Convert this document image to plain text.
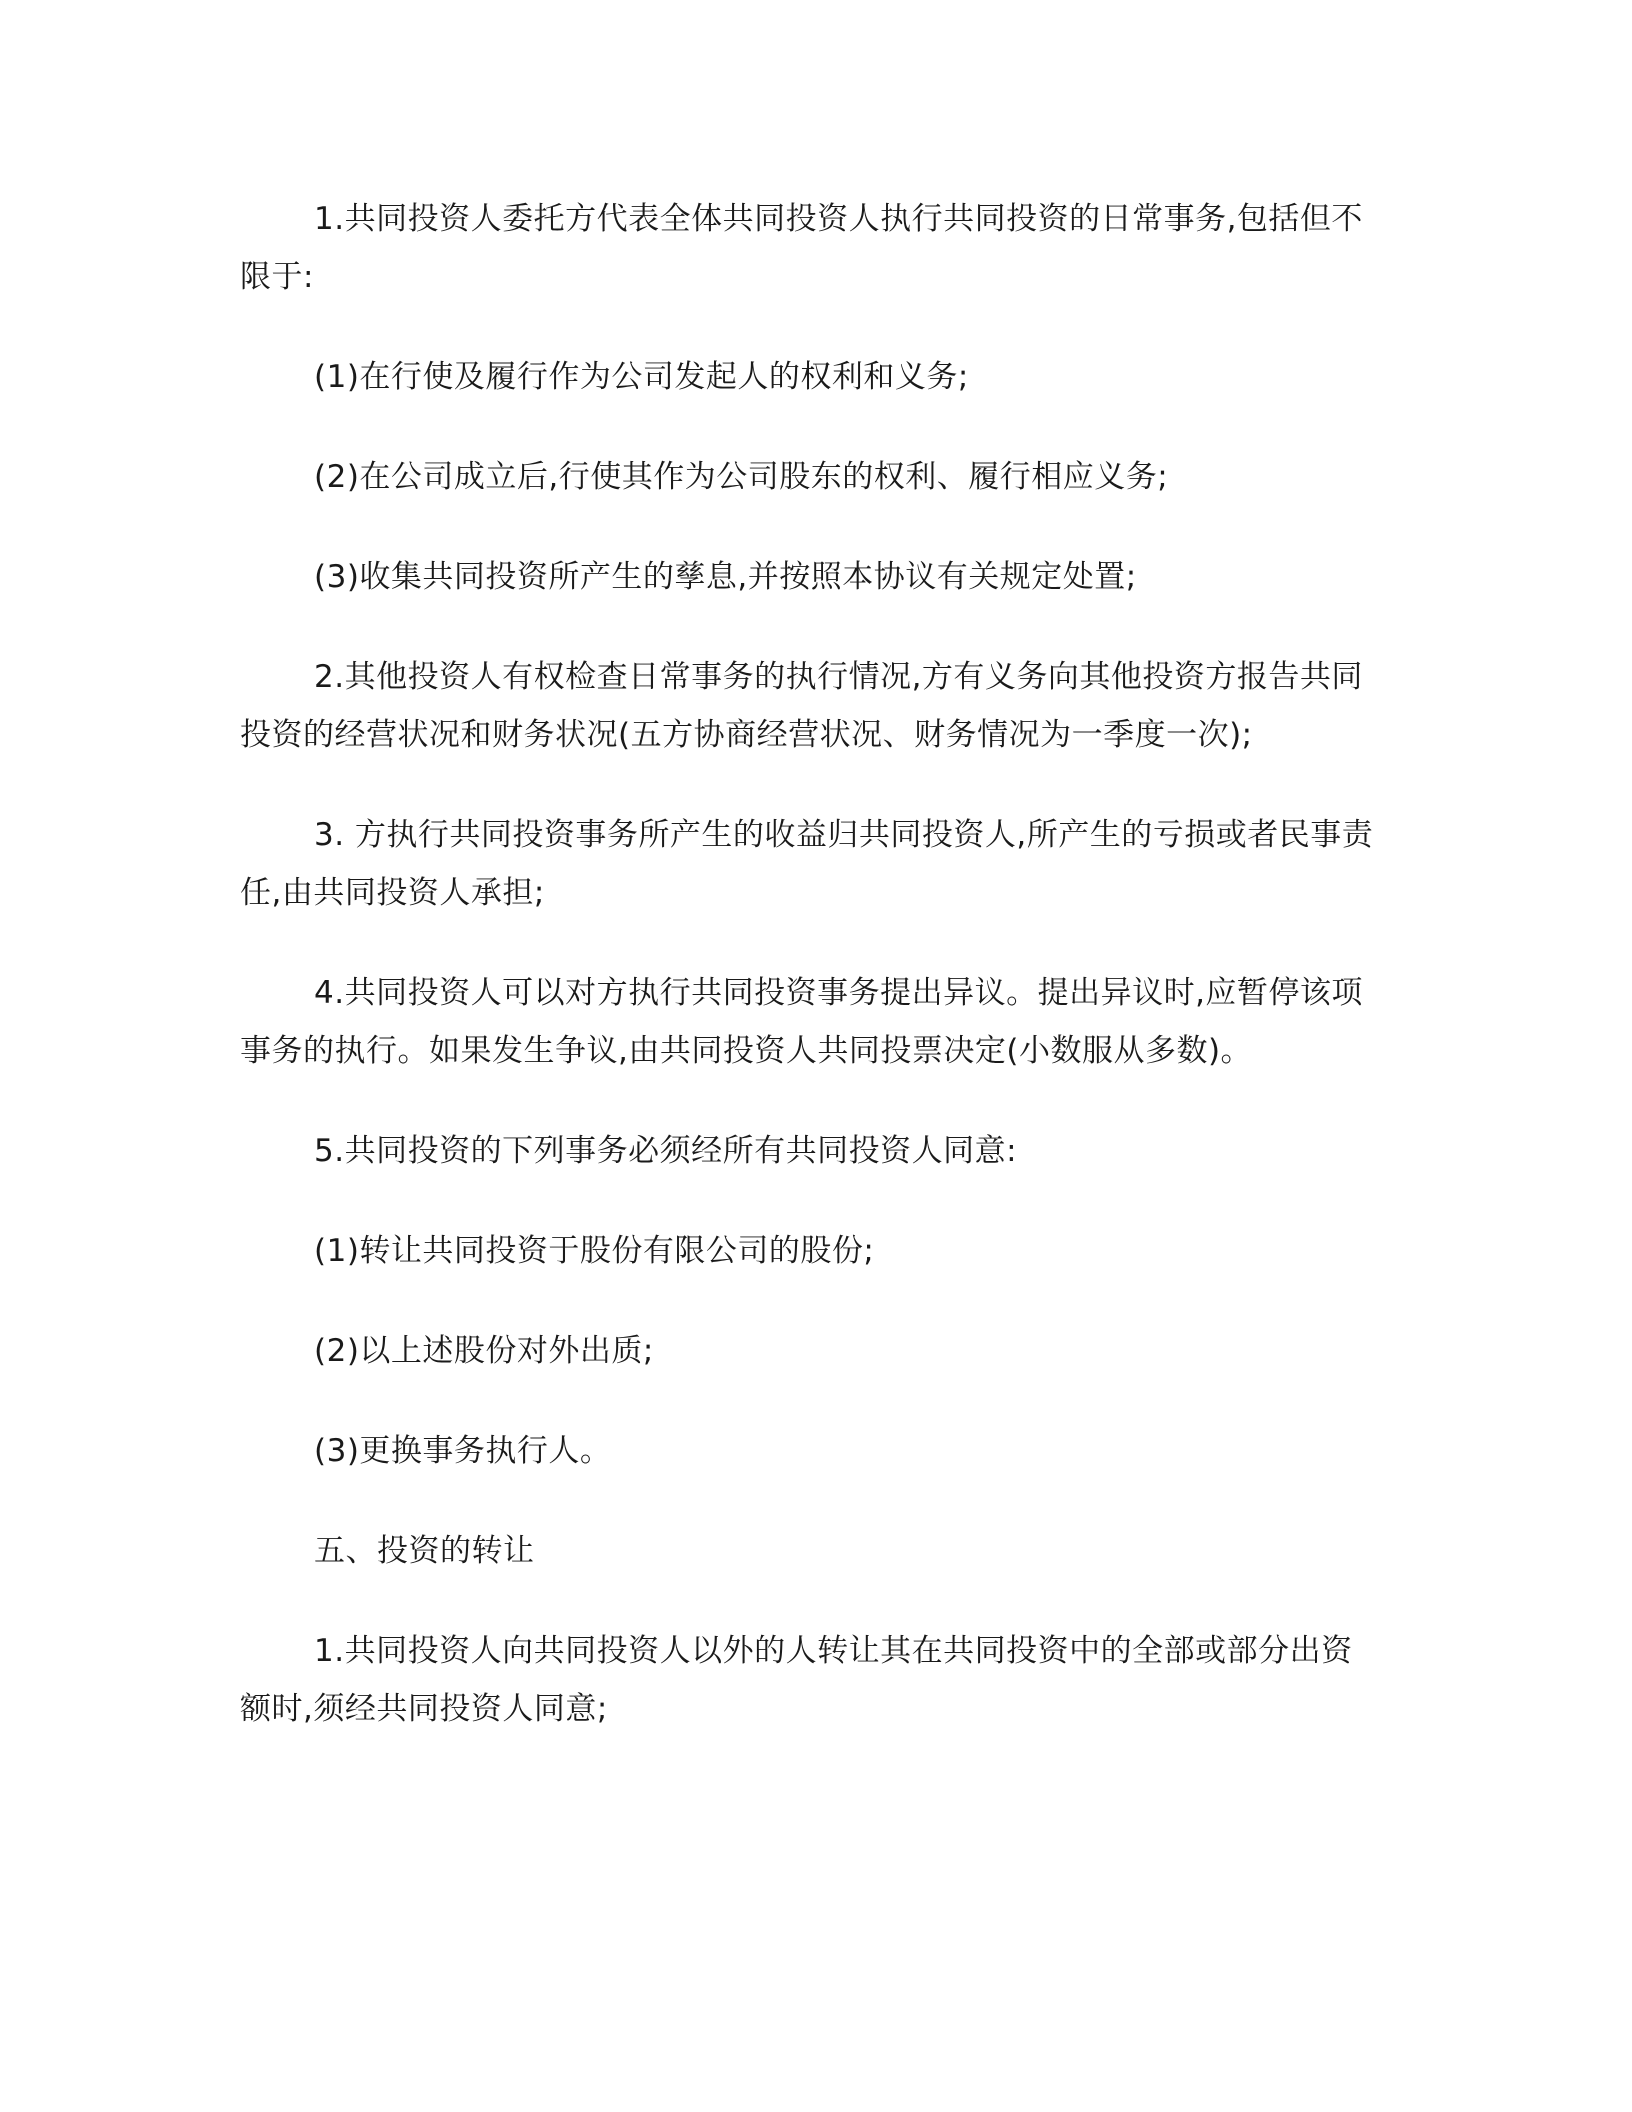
1.共同投资人委托方代表全体共同投资人执行共同投资的日常事务,包括但不限于:

(1)在行使及履行作为公司发起人的权利和义务;

(2)在公司成立后,行使其作为公司股东的权利、履行相应义务;

(3)收集共同投资所产生的孳息,并按照本协议有关规定处置;

2.其他投资人有权检查日常事务的执行情况,方有义务向其他投资方报告共同投资的经营状况和财务状况(五方协商经营状况、财务情况为一季度一次);

3. 方执行共同投资事务所产生的收益归共同投资人,所产生的亏损或者民事责任,由共同投资人承担;

4.共同投资人可以对方执行共同投资事务提出异议。提出异议时,应暂停该项事务的执行。如果发生争议,由共同投资人共同投票决定(小数服从多数)。

5.共同投资的下列事务必须经所有共同投资人同意:

(1)转让共同投资于股份有限公司的股份;

(2)以上述股份对外出质;

(3)更换事务执行人。

五、投资的转让

1.共同投资人向共同投资人以外的人转让其在共同投资中的全部或部分出资额时,须经共同投资人同意;
